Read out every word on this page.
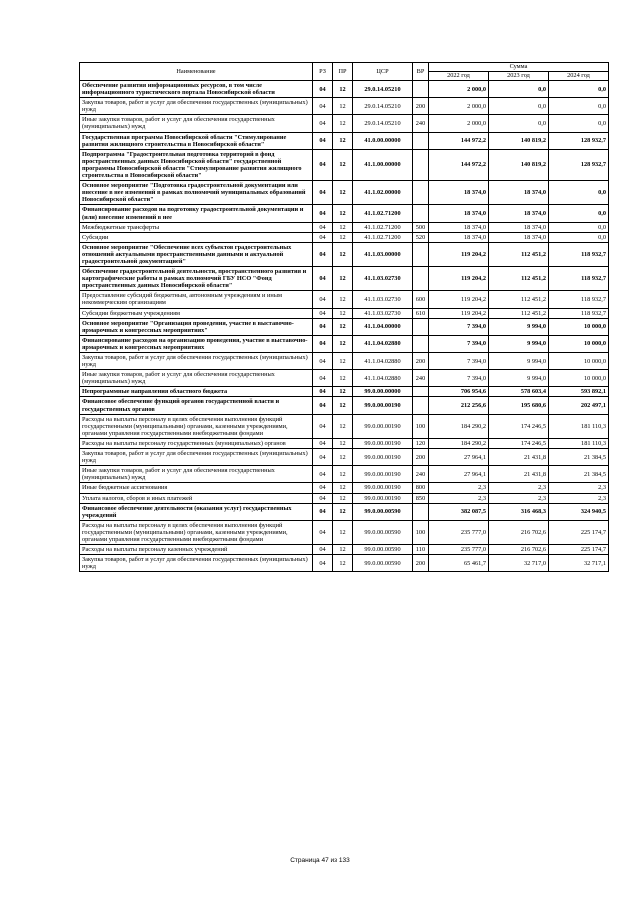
Наименование	РЗ	ПР	ЦСР	ВР	Сумма		
					2022 год	2023 год	2024 год
Обеспечение развития информационных ресурсов, в том числе информационного туристического портала Новосибирской области	04	12	29.0.14.05210		2 000,0	0,0	0,0
Закупка товаров, работ и услуг для обеспечения государственных (муниципальных) нужд	04	12	29.0.14.05210	200	2 000,0	0,0	0,0
Иные закупки товаров, работ и услуг для обеспечения государственных (муниципальных) нужд	04	12	29.0.14.05210	240	2 000,0	0,0	0,0
Государственная программа Новосибирской области "Стимулирование развития жилищного строительства в Новосибирской области"	04	12	41.0.00.00000		144 972,2	140 819,2	128 932,7
Подпрограмма "Градостроительная подготовка территорий в фонд пространственных данных Новосибирской области" государственной программы Новосибирской области "Стимулирование развития жилищного строительства в Новосибирской области"	04	12	41.1.00.00000		144 972,2	140 819,2	128 932,7
Основное мероприятие "Подготовка градостроительной документации или внесение в нее изменений в рамках полномочий муниципальных образований Новосибирской области"	04	12	41.1.02.00000		18 374,0	18 374,0	0,0
Финансирование расходов на подготовку градостроительной документации и (или) внесение изменений в нее	04	12	41.1.02.71200		18 374,0	18 374,0	0,0
Межбюджетные трансферты	04	12	41.1.02.71200	500	18 374,0	18 374,0	0,0
Субсидии	04	12	41.1.02.71200	520	18 374,0	18 374,0	0,0
Основное мероприятие "Обеспечение всех субъектов градостроительных отношений актуальными пространственными данными и актуальной градостроительной документацией"	04	12	41.1.03.00000		119 204,2	112 451,2	118 932,7
Обеспечение градостроительной деятельности, пространственного развития и картографические работы в рамках полномочий ГБУ НСО "Фонд пространственных данных Новосибирской области"	04	12	41.1.03.02730		119 204,2	112 451,2	118 932,7
Предоставление субсидий бюджетным, автономным учреждениям и иным некоммерческим организациям	04	12	41.1.03.02730	600	119 204,2	112 451,2	118 932,7
Субсидии бюджетным учреждениям	04	12	41.1.03.02730	610	119 204,2	112 451,2	118 932,7
Основное мероприятие "Организация проведения, участие в выставочно-ярмарочных и конгрессных мероприятиях"	04	12	41.1.04.00000		7 394,0	9 994,0	10 000,0
Финансирование расходов на организацию проведения, участие в выставочно-ярмарочных и конгрессных мероприятиях	04	12	41.1.04.02880		7 394,0	9 994,0	10 000,0
Закупка товаров, работ и услуг для обеспечения государственных (муниципальных) нужд	04	12	41.1.04.02880	200	7 394,0	9 994,0	10 000,0
Иные закупки товаров, работ и услуг для обеспечения государственных (муниципальных) нужд	04	12	41.1.04.02880	240	7 394,0	9 994,0	10 000,0
Непрограммные направления областного бюджета	04	12	99.0.00.00000		706 954,6	578 603,4	593 892,1
Финансовое обеспечение функций органов государственной власти и государственных органов	04	12	99.0.00.00190		212 256,6	195 680,6	202 497,1
Расходы на выплаты персоналу в целях обеспечения выполнения функций государственными (муниципальными) органами, казенными учреждениями, органами управления государственными внебюджетными фондами	04	12	99.0.00.00190	100	184 290,2	174 246,5	181 110,3
Расходы на выплаты персоналу государственных (муниципальных) органов	04	12	99.0.00.00190	120	184 290,2	174 246,5	181 110,3
Закупка товаров, работ и услуг для обеспечения государственных (муниципальных) нужд	04	12	99.0.00.00190	200	27 964,1	21 431,8	21 384,5
Иные закупки товаров, работ и услуг для обеспечения государственных (муниципальных) нужд	04	12	99.0.00.00190	240	27 964,1	21 431,8	21 384,5
Иные бюджетные ассигнования	04	12	99.0.00.00190	800	2,3	2,3	2,3
Уплата налогов, сборов и иных платежей	04	12	99.0.00.00190	850	2,3	2,3	2,3
Финансовое обеспечение деятельности (оказания услуг) государственных учреждений	04	12	99.0.00.00590		382 087,5	316 468,3	324 940,5
Расходы на выплаты персоналу в целях обеспечения выполнения функций государственными (муниципальными) органами, казенными учреждениями, органами управления государственными внебюджетными фондами	04	12	99.0.00.00590	100	235 777,0	216 702,6	225 174,7
Расходы на выплаты персоналу казенных учреждений	04	12	99.0.00.00590	110	235 777,0	216 702,6	225 174,7
Закупка товаров, работ и услуг для обеспечения государственных (муниципальных) нужд	04	12	99.0.00.00590	200	65 461,7	32 717,0	32 717,1
Страница 47 из 133
